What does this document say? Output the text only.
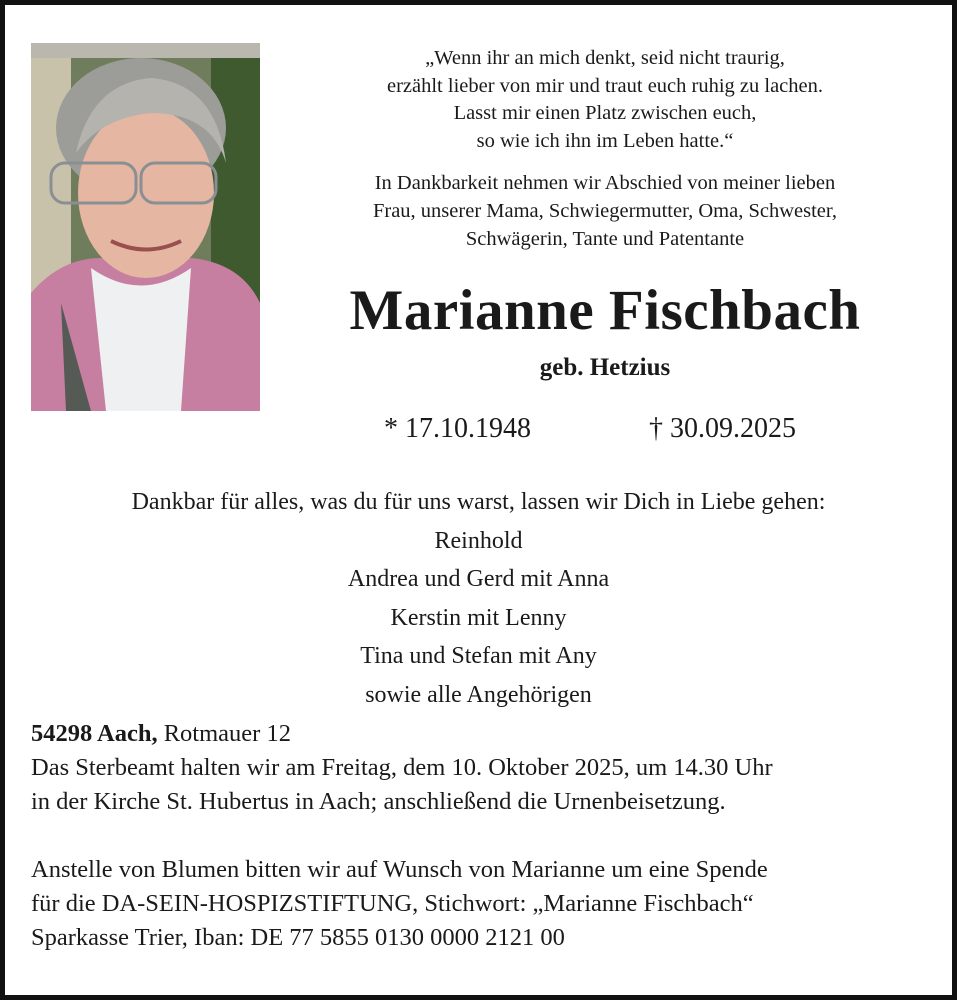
„Wenn ihr an mich denkt, seid nicht traurig,
erzählt lieber von mir und traut euch ruhig zu lachen.
Lasst mir einen Platz zwischen euch,
so wie ich ihn im Leben hatte.“
In Dankbarkeit nehmen wir Abschied von meiner lieben
Frau, unserer Mama, Schwiegermutter, Oma, Schwester,
Schwägerin, Tante und Patentante
Marianne Fischbach
geb. Hetzius
* 17.10.1948	† 30.09.2025
Dankbar für alles, was du für uns warst, lassen wir Dich in Liebe gehen:
Reinhold
Andrea und Gerd mit Anna
Kerstin mit Lenny
Tina und Stefan mit Any
sowie alle Angehörigen
54298 Aach, Rotmauer 12
Das Sterbeamt halten wir am Freitag, dem 10. Oktober 2025, um 14.30 Uhr
in der Kirche St. Hubertus in Aach; anschließend die Urnenbeisetzung.
Anstelle von Blumen bitten wir auf Wunsch von Marianne um eine Spende
für die DA-SEIN-HOSPIZSTIFTUNG, Stichwort: „Marianne Fischbach“
Sparkasse Trier, Iban: DE 77 5855 0130 0000 2121 00
